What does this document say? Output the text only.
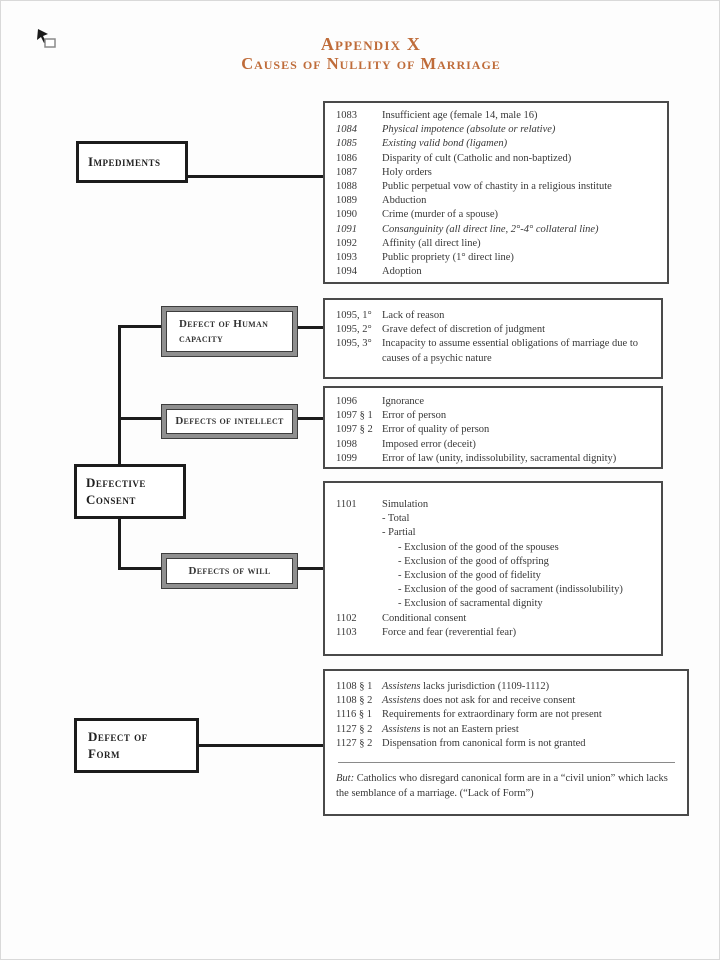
Appendix X
Causes of Nullity of Marriage
Impediments
Defective Consent
Defect of Form
Defect of Human capacity
Defects of intellect
Defects of will
1083	Insufficient age (female 14, male 16)
1084	Physical impotence (absolute or relative)
1085	Existing valid bond (ligamen)
1086	Disparity of cult (Catholic and non-baptized)
1087	Holy orders
1088	Public perpetual vow of chastity in a religious institute
1089	Abduction
1090	Crime (murder of a spouse)
1091	Consanguinity (all direct line, 2°-4° collateral line)
1092	Affinity (all direct line)
1093	Public propriety (1° direct line)
1094	Adoption
1095, 1° Lack of reason
1095, 2° Grave defect of discretion of judgment
1095, 3° Incapacity to assume essential obligations of marriage due to causes of a psychic nature
1096	Ignorance
1097 § 1 Error of person
1097 § 2 Error of quality of person
1098	Imposed error (deceit)
1099	Error of law (unity, indissolubility, sacramental dignity)
1101	Simulation
- Total
- Partial
- Exclusion of the good of the spouses
- Exclusion of the good of offspring
- Exclusion of the good of fidelity
- Exclusion of the good of sacrament (indissolubility)
- Exclusion of sacramental dignity
1102	Conditional consent
1103	Force and fear (reverential fear)
1108 § 1 Assistens lacks jurisdiction (1109-1112)
1108 § 2 Assistens does not ask for and receive consent
1116 § 1 Requirements for extraordinary form are not present
1127 § 2 Assistens is not an Eastern priest
1127 § 2 Dispensation from canonical form is not granted
But: Catholics who disregard canonical form are in a “civil union” which lacks the semblance of a marriage. (“Lack of Form”)
